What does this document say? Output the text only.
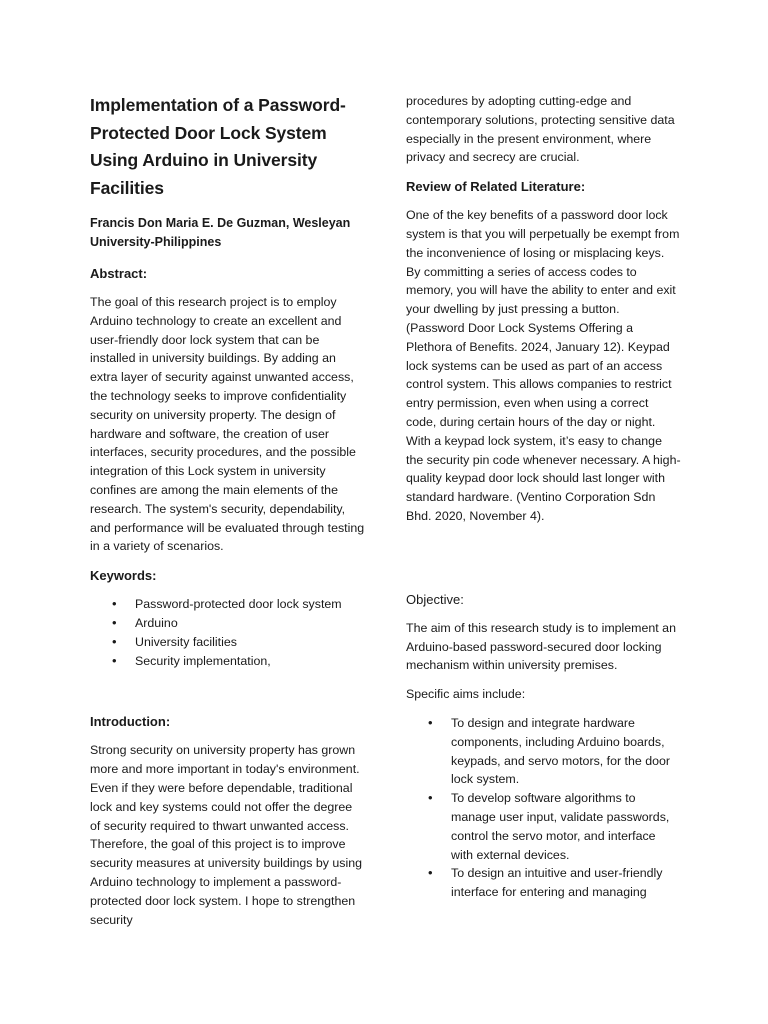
Implementation of a Password-Protected Door Lock System Using Arduino in University Facilities
Francis Don Maria E. De Guzman, Wesleyan University-Philippines
Abstract:

The goal of this research project is to employ Arduino technology to create an excellent and user-friendly door lock system that can be installed in university buildings. By adding an extra layer of security against unwanted access, the technology seeks to improve confidentiality security on university property. The design of hardware and software, the creation of user interfaces, security procedures, and the possible integration of this Lock system in university confines are among the main elements of the research. The system's security, dependability, and performance will be evaluated through testing in a variety of scenarios.

Keywords:
• Password-protected door lock system
• Arduino
• University facilities
• Security implementation,
Introduction:

Strong security on university property has grown more and more important in today's environment. Even if they were before dependable, traditional lock and key systems could not offer the degree of security required to thwart unwanted access. Therefore, the goal of this project is to improve security measures at university buildings by using Arduino technology to implement a password-protected door lock system. I hope to strengthen security

procedures by adopting cutting-edge and contemporary solutions, protecting sensitive data especially in the present environment, where privacy and secrecy are crucial.

Review of Related Literature:

One of the key benefits of a password door lock system is that you will perpetually be exempt from the inconvenience of losing or misplacing keys. By committing a series of access codes to memory, you will have the ability to enter and exit your dwelling by just pressing a button. (Password Door Lock Systems Offering a Plethora of Benefits. 2024, January 12). Keypad lock systems can be used as part of an access control system. This allows companies to restrict entry permission, even when using a correct code, during certain hours of the day or night. With a keypad lock system, it’s easy to change the security pin code whenever necessary. A high-quality keypad door lock should last longer with standard hardware. (Ventino Corporation Sdn Bhd. 2020, November 4).

Objective:

The aim of this research study is to implement an Arduino-based password-secured door locking mechanism within university premises.

Specific aims include:

• To design and integrate hardware components, including Arduino boards, keypads, and servo motors, for the door lock system.
• To develop software algorithms to manage user input, validate passwords, control the servo motor, and interface with external devices.
• To design an intuitive and user-friendly interface for entering and managing
